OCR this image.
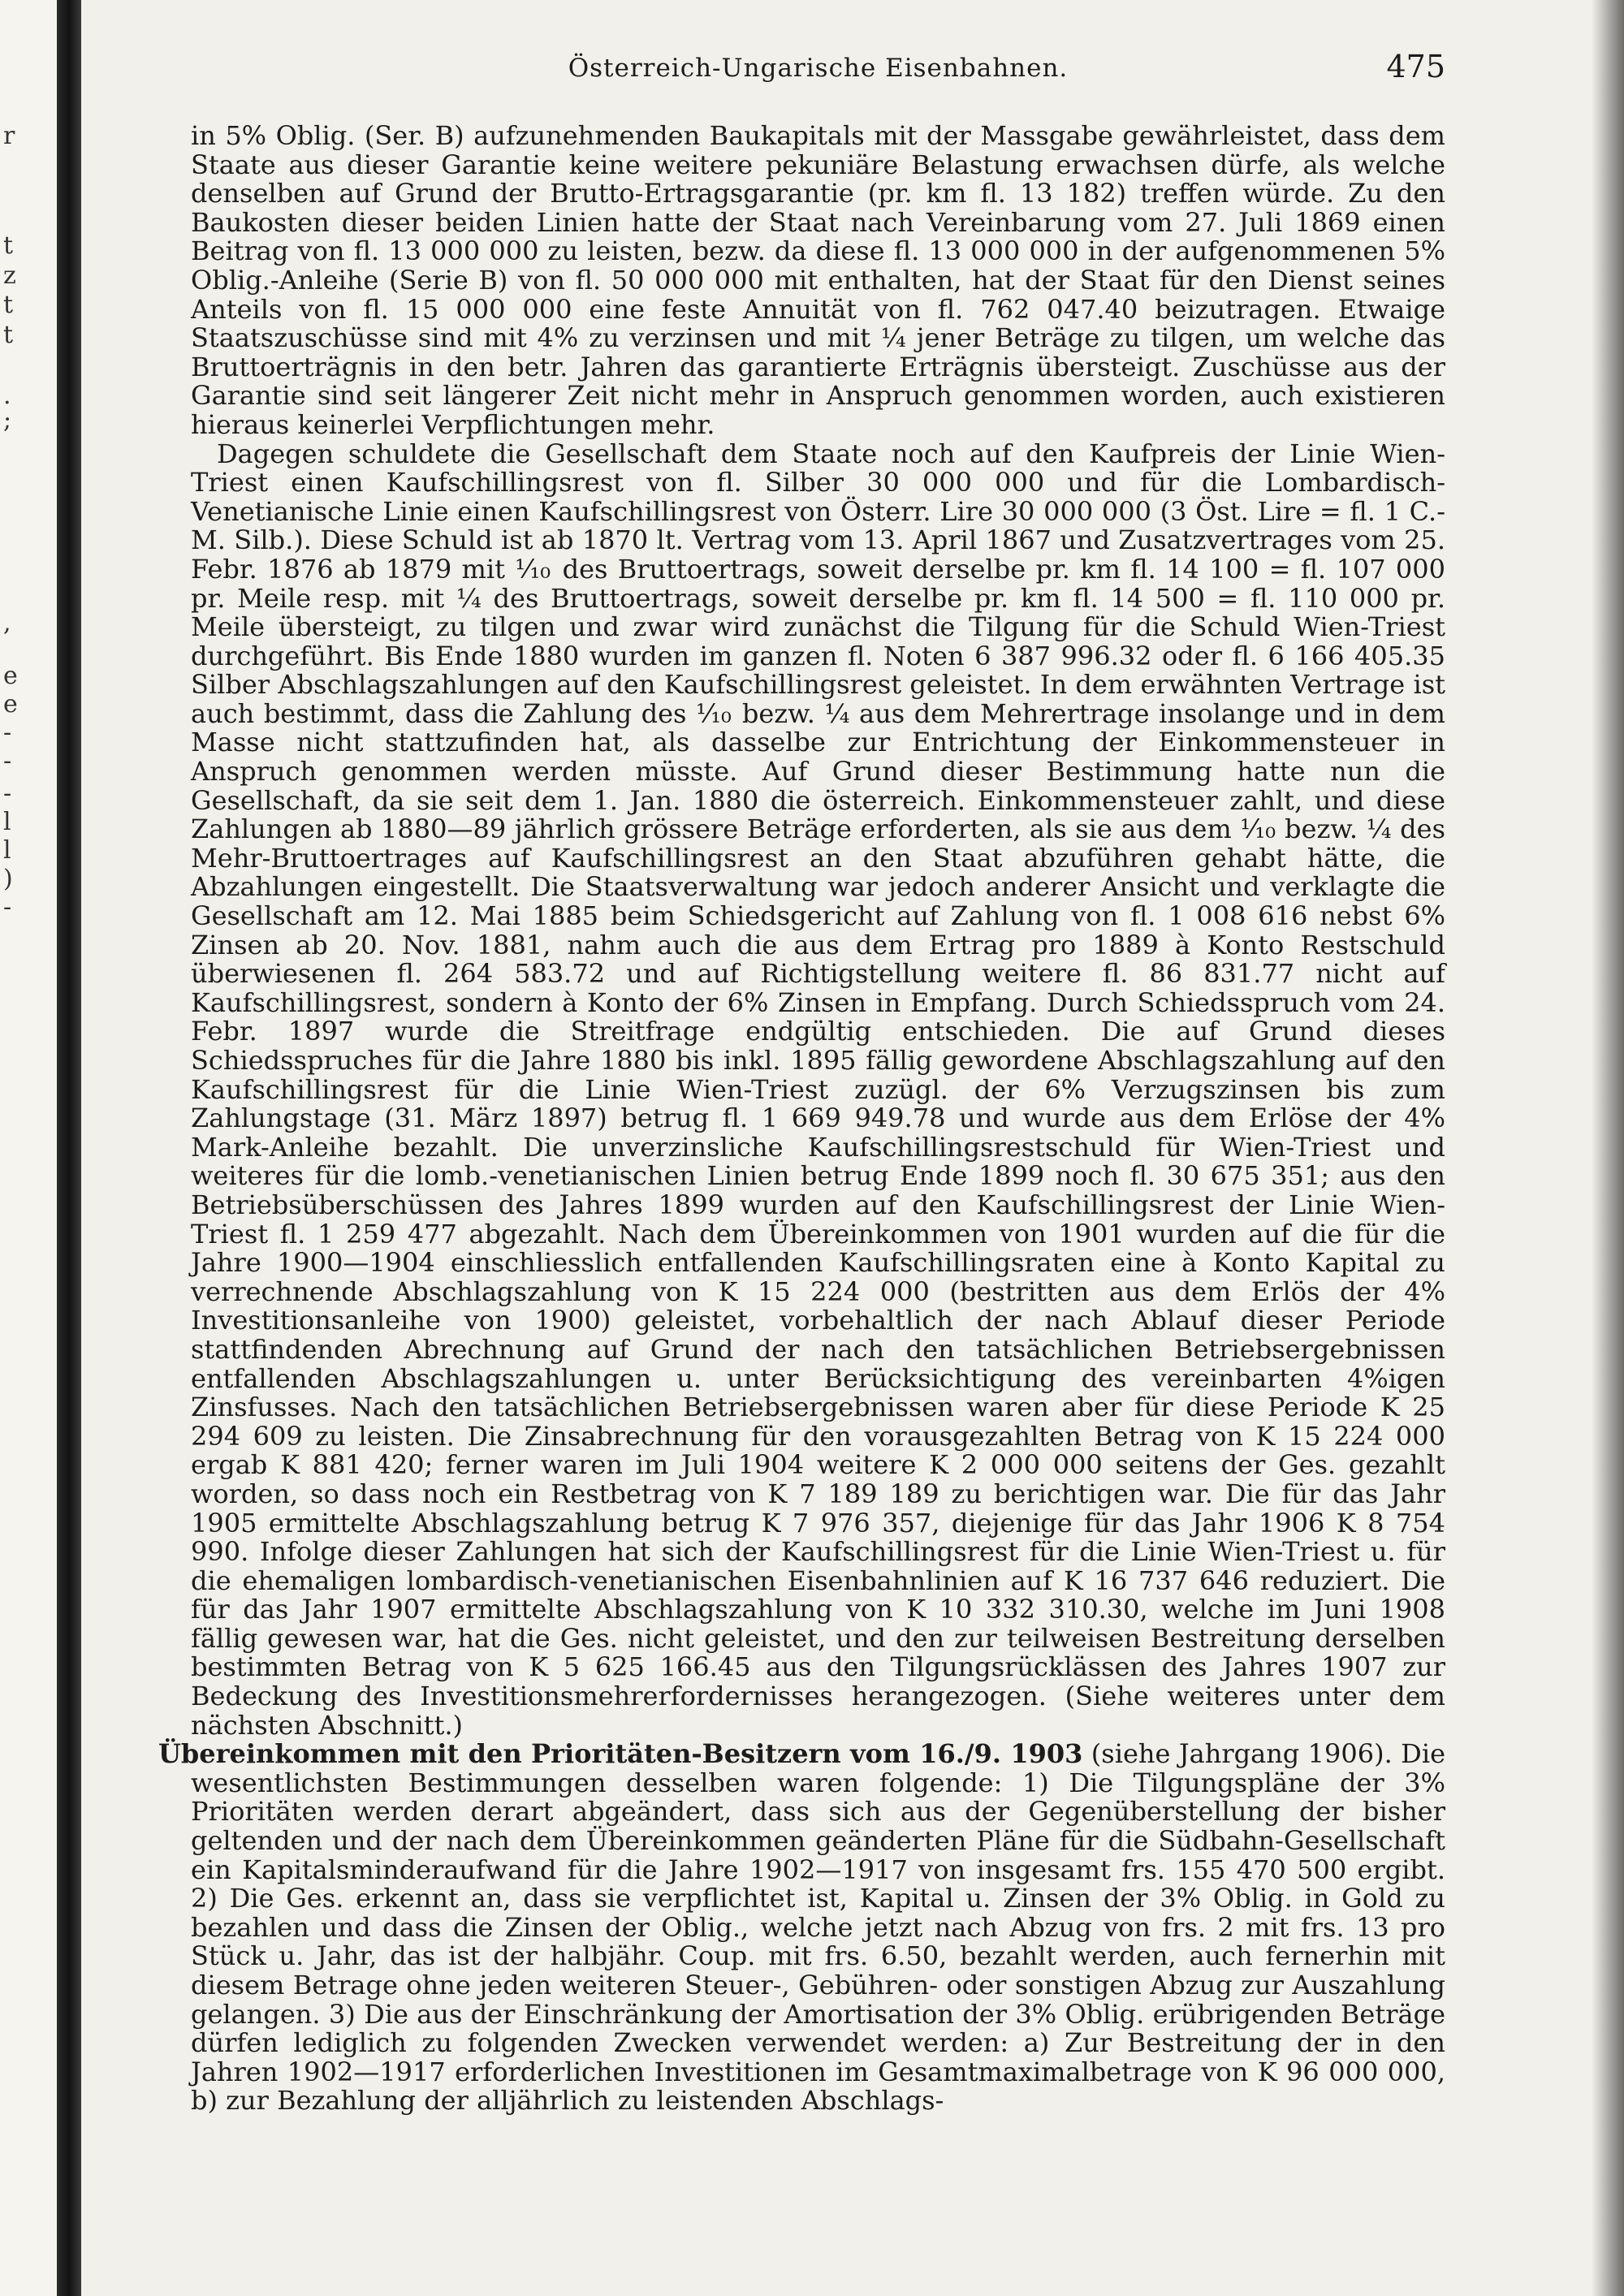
r
t
z
t
t
.
;
,
e
e
-
-
-
l
l
)
-
Österreich-Ungarische Eisenbahnen.	475

in 5% Oblig. (Ser. B) aufzunehmenden Baukapitals mit der Massgabe gewährleistet, dass dem Staate aus dieser Garantie keine weitere pekuniäre Belastung erwachsen dürfe, als welche denselben auf Grund der Brutto-Ertragsgarantie (pr. km fl. 13 182) treffen würde. Zu den Baukosten dieser beiden Linien hatte der Staat nach Vereinbarung vom 27. Juli 1869 einen Beitrag von fl. 13 000 000 zu leisten, bezw. da diese fl. 13 000 000 in der aufgenommenen 5% Oblig.-Anleihe (Serie B) von fl. 50 000 000 mit enthalten, hat der Staat für den Dienst seines Anteils von fl. 15 000 000 eine feste Annuität von fl. 762 047.40 beizutragen. Etwaige Staatszuschüsse sind mit 4% zu verzinsen und mit ¼ jener Beträge zu tilgen, um welche das Bruttoerträgnis in den betr. Jahren das garantierte Erträgnis übersteigt. Zuschüsse aus der Garantie sind seit längerer Zeit nicht mehr in Anspruch genommen worden, auch existieren hieraus keinerlei Verpflichtungen mehr.

Dagegen schuldete die Gesellschaft dem Staate noch auf den Kaufpreis der Linie Wien-Triest einen Kaufschillingsrest von fl. Silber 30 000 000 und für die Lombardisch-Venetianische Linie einen Kaufschillingsrest von Österr. Lire 30 000 000 (3 Öst. Lire = fl. 1 C.-M. Silb.). Diese Schuld ist ab 1870 lt. Vertrag vom 13. April 1867 und Zusatzvertrages vom 25. Febr. 1876 ab 1879 mit ⅒ des Bruttoertrags, soweit derselbe pr. km fl. 14 100 = fl. 107 000 pr. Meile resp. mit ¼ des Bruttoertrags, soweit derselbe pr. km fl. 14 500 = fl. 110 000 pr. Meile übersteigt, zu tilgen und zwar wird zunächst die Tilgung für die Schuld Wien-Triest durchgeführt. Bis Ende 1880 wurden im ganzen fl. Noten 6 387 996.32 oder fl. 6 166 405.35 Silber Abschlagszahlungen auf den Kaufschillingsrest geleistet. In dem erwähnten Vertrage ist auch bestimmt, dass die Zahlung des ⅒ bezw. ¼ aus dem Mehrertrage insolange und in dem Masse nicht stattzufinden hat, als dasselbe zur Entrichtung der Einkommensteuer in Anspruch genommen werden müsste. Auf Grund dieser Bestimmung hatte nun die Gesellschaft, da sie seit dem 1. Jan. 1880 die österreich. Einkommensteuer zahlt, und diese Zahlungen ab 1880—89 jährlich grössere Beträge erforderten, als sie aus dem ⅒ bezw. ¼ des Mehr-Bruttoertrages auf Kaufschillingsrest an den Staat abzuführen gehabt hätte, die Abzahlungen eingestellt. Die Staatsverwaltung war jedoch anderer Ansicht und verklagte die Gesellschaft am 12. Mai 1885 beim Schiedsgericht auf Zahlung von fl. 1 008 616 nebst 6% Zinsen ab 20. Nov. 1881, nahm auch die aus dem Ertrag pro 1889 à Konto Restschuld überwiesenen fl. 264 583.72 und auf Richtigstellung weitere fl. 86 831.77 nicht auf Kaufschillingsrest, sondern à Konto der 6% Zinsen in Empfang. Durch Schiedsspruch vom 24. Febr. 1897 wurde die Streitfrage endgültig entschieden. Die auf Grund dieses Schiedsspruches für die Jahre 1880 bis inkl. 1895 fällig gewordene Abschlagszahlung auf den Kaufschillingsrest für die Linie Wien-Triest zuzügl. der 6% Verzugszinsen bis zum Zahlungstage (31. März 1897) betrug fl. 1 669 949.78 und wurde aus dem Erlöse der 4% Mark-Anleihe bezahlt. Die unverzinsliche Kaufschillingsrestschuld für Wien-Triest und weiteres für die lomb.-venetianischen Linien betrug Ende 1899 noch fl. 30 675 351; aus den Betriebsüberschüssen des Jahres 1899 wurden auf den Kaufschillingsrest der Linie Wien-Triest fl. 1 259 477 abgezahlt. Nach dem Übereinkommen von 1901 wurden auf die für die Jahre 1900—1904 einschliesslich entfallenden Kaufschillingsraten eine à Konto Kapital zu verrechnende Abschlagszahlung von K 15 224 000 (bestritten aus dem Erlös der 4% Investitionsanleihe von 1900) geleistet, vorbehaltlich der nach Ablauf dieser Periode stattfindenden Abrechnung auf Grund der nach den tatsächlichen Betriebsergebnissen entfallenden Abschlagszahlungen u. unter Berücksichtigung des vereinbarten 4%igen Zinsfusses. Nach den tatsächlichen Betriebsergebnissen waren aber für diese Periode K 25 294 609 zu leisten. Die Zinsabrechnung für den vorausgezahlten Betrag von K 15 224 000 ergab K 881 420; ferner waren im Juli 1904 weitere K 2 000 000 seitens der Ges. gezahlt worden, so dass noch ein Restbetrag von K 7 189 189 zu berichtigen war. Die für das Jahr 1905 ermittelte Abschlagszahlung betrug K 7 976 357, diejenige für das Jahr 1906 K 8 754 990. Infolge dieser Zahlungen hat sich der Kaufschillingsrest für die Linie Wien-Triest u. für die ehemaligen lombardisch-venetianischen Eisenbahnlinien auf K 16 737 646 reduziert. Die für das Jahr 1907 ermittelte Abschlagszahlung von K 10 332 310.30, welche im Juni 1908 fällig gewesen war, hat die Ges. nicht geleistet, und den zur teilweisen Bestreitung derselben bestimmten Betrag von K 5 625 166.45 aus den Tilgungsrücklässen des Jahres 1907 zur Bedeckung des Investitionsmehrerfordernisses herangezogen. (Siehe weiteres unter dem nächsten Abschnitt.)

Übereinkommen mit den Prioritäten-Besitzern vom 16./9. 1903 (siehe Jahrgang 1906). Die wesentlichsten Bestimmungen desselben waren folgende: 1) Die Tilgungspläne der 3% Prioritäten werden derart abgeändert, dass sich aus der Gegenüberstellung der bisher geltenden und der nach dem Übereinkommen geänderten Pläne für die Südbahn-Gesellschaft ein Kapitalsminderaufwand für die Jahre 1902—1917 von insgesamt frs. 155 470 500 ergibt. 2) Die Ges. erkennt an, dass sie verpflichtet ist, Kapital u. Zinsen der 3% Oblig. in Gold zu bezahlen und dass die Zinsen der Oblig., welche jetzt nach Abzug von frs. 2 mit frs. 13 pro Stück u. Jahr, das ist der halbjähr. Coup. mit frs. 6.50, bezahlt werden, auch fernerhin mit diesem Betrage ohne jeden weiteren Steuer-, Gebühren- oder sonstigen Abzug zur Auszahlung gelangen. 3) Die aus der Einschränkung der Amortisation der 3% Oblig. erübrigenden Beträge dürfen lediglich zu folgenden Zwecken verwendet werden: a) Zur Bestreitung der in den Jahren 1902—1917 erforderlichen Investitionen im Gesamtmaximalbetrage von K 96 000 000, b) zur Bezahlung der alljährlich zu leistenden Abschlags-
